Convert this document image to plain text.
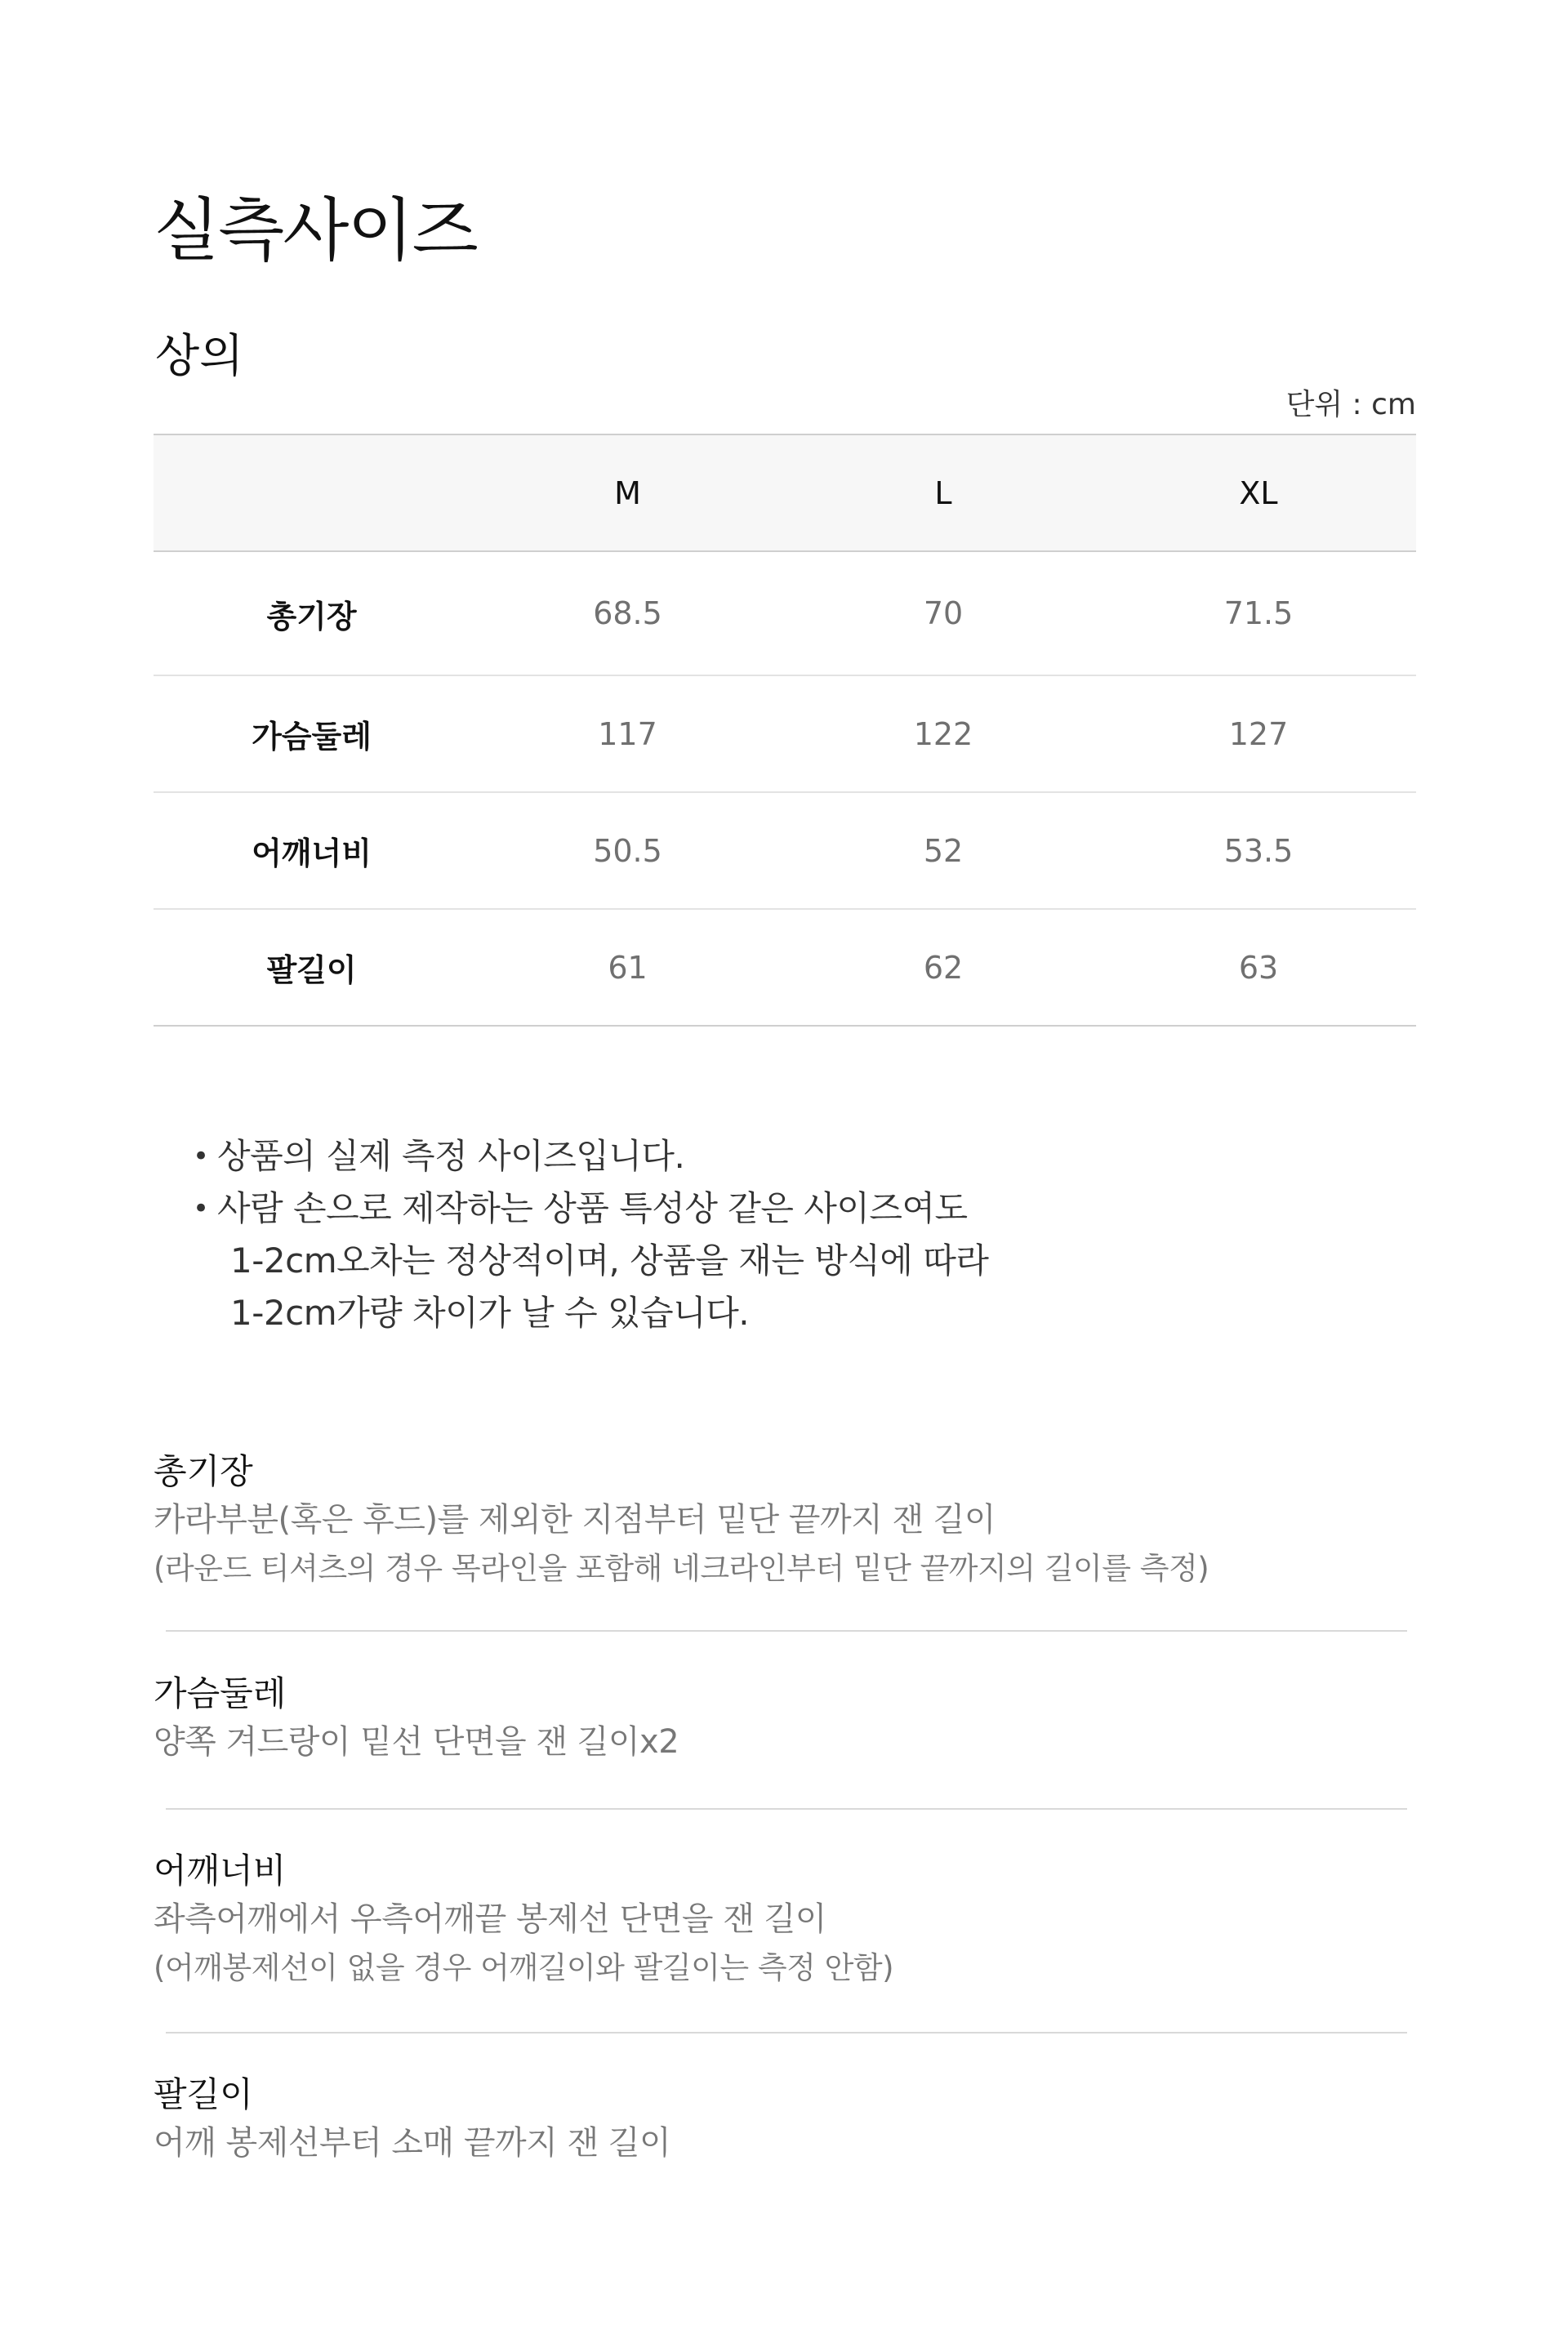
실측사이즈
상의
단위 : cm
	M	L	XL
총기장	68.5	70	71.5
가슴둘레	117	122	127
어깨너비	50.5	52	53.5
팔길이	61	62	63
• 상품의 실제 측정 사이즈입니다.
• 사람 손으로 제작하는 상품 특성상 같은 사이즈여도
1-2cm오차는 정상적이며, 상품을 재는 방식에 따라
1-2cm가량 차이가 날 수 있습니다.
총기장
카라부분(혹은 후드)를 제외한 지점부터 밑단 끝까지 잰 길이
(라운드 티셔츠의 경우 목라인을 포함해 네크라인부터 밑단 끝까지의 길이를 측정)
가슴둘레
양쪽 겨드랑이 밑선 단면을 잰 길이x2
어깨너비
좌측어깨에서 우측어깨끝 봉제선 단면을 잰 길이
(어깨봉제선이 없을 경우 어깨길이와 팔길이는 측정 안함)
팔길이
어깨 봉제선부터 소매 끝까지 잰 길이
